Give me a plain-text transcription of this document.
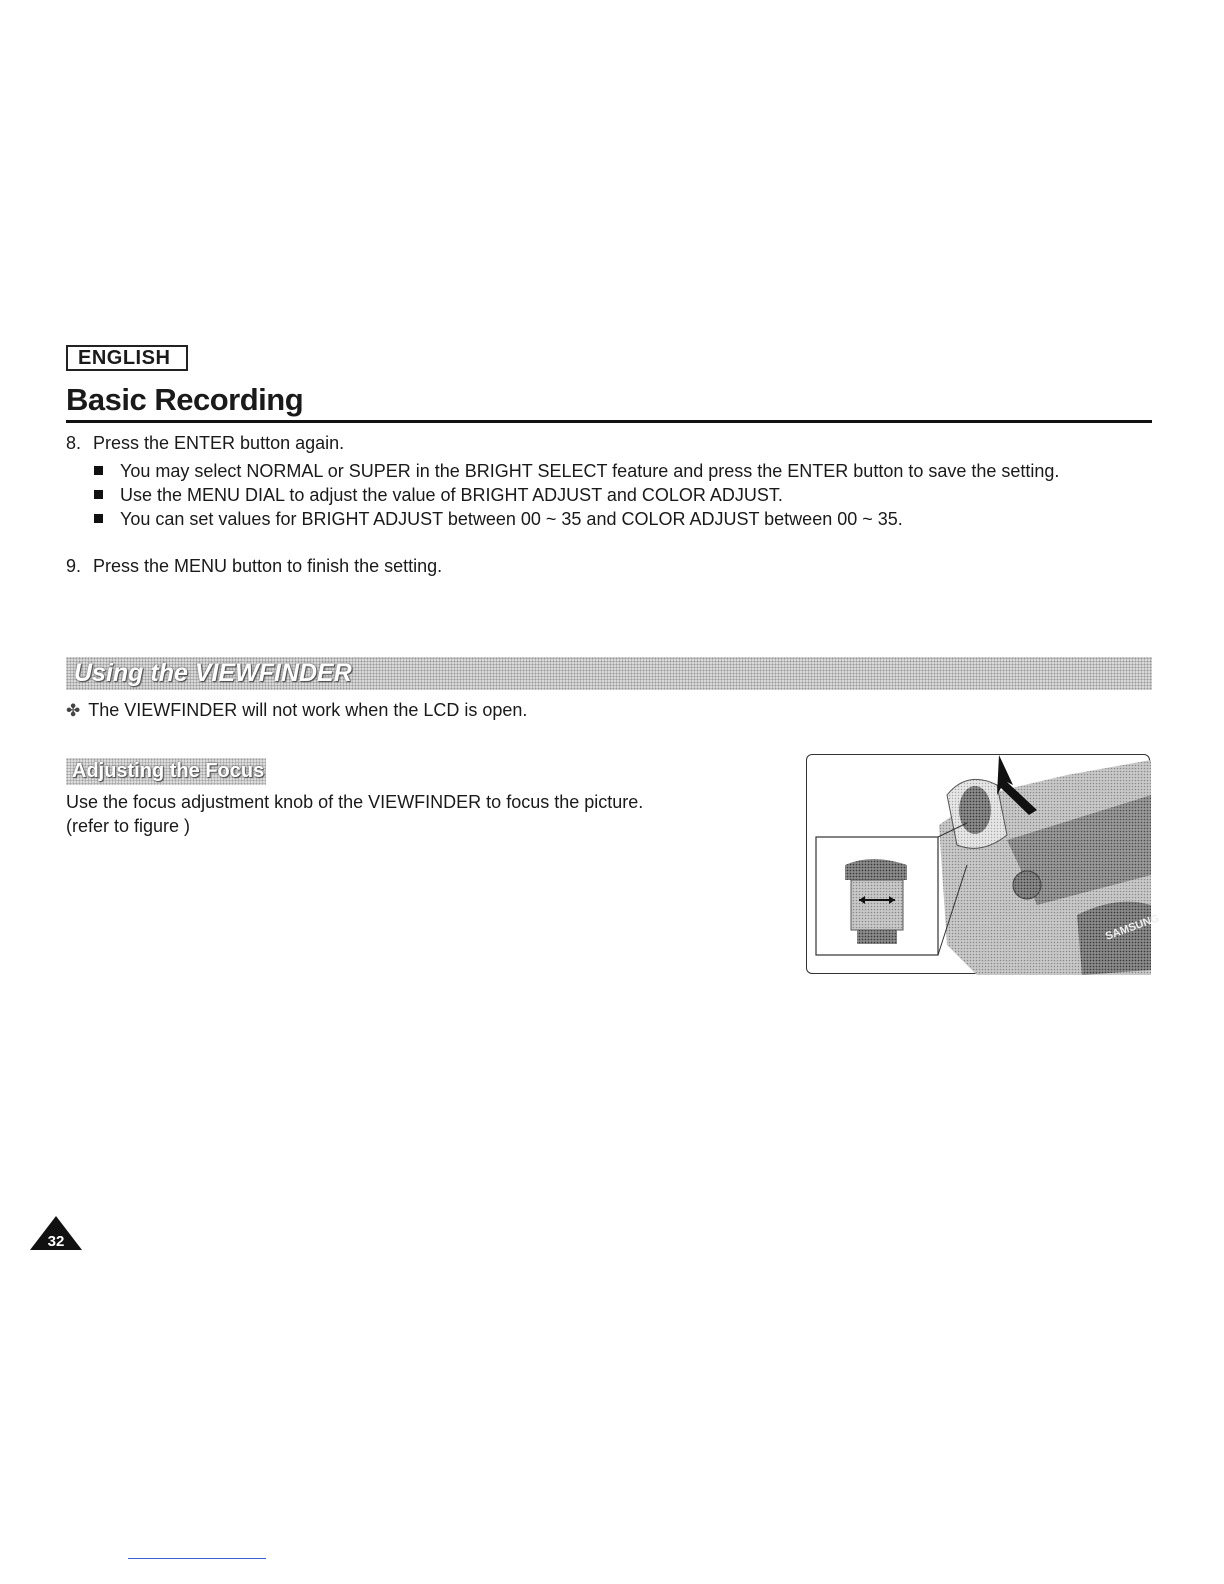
ENGLISH
Basic Recording
8. Press the ENTER button again.
You may select NORMAL or SUPER in the BRIGHT SELECT feature and press the ENTER button to save the setting.
Use the MENU DIAL to adjust the value of BRIGHT ADJUST and COLOR ADJUST.
You can set values for BRIGHT ADJUST between 00 ~ 35 and COLOR ADJUST between 00 ~ 35.
9. Press the MENU button to finish the setting.
Using the VIEWFINDER
✤ The VIEWFINDER will not work when the LCD is open.
Adjusting the Focus
Use the focus adjustment knob of the VIEWFINDER to focus the picture.
(refer to figure )
SAMSUNG
32
